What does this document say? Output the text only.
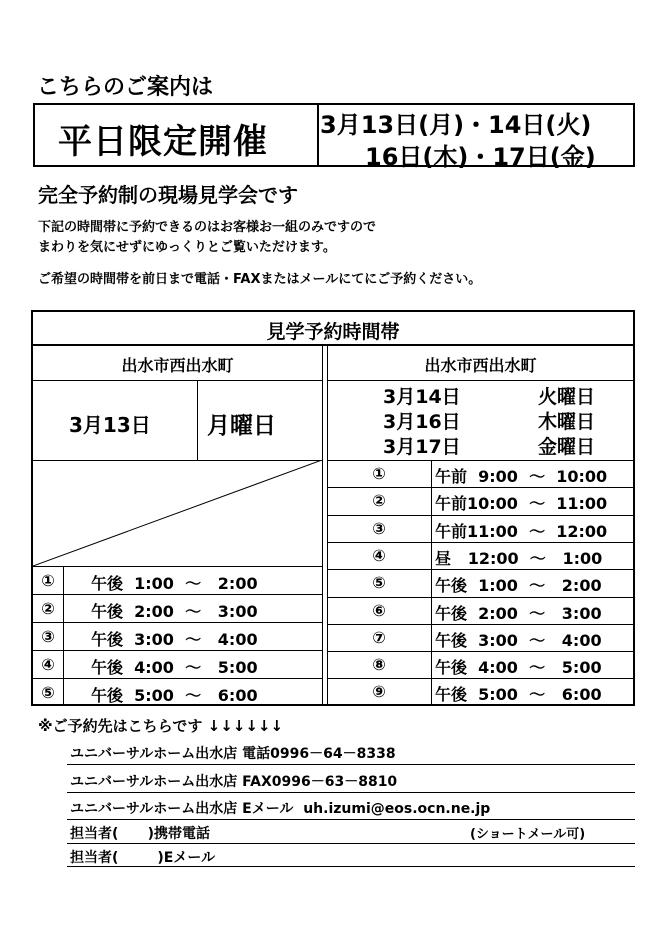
こちらのご案内は
平日限定開催 3月13日(月)・14日(火)
16日(木)・17日(金)
完全予約制の現場見学会です
下記の時間帯に予約できるのはお客様お一組のみですので
まわりを気にせずにゆっくりとご覧いただけます。
ご希望の時間帯を前日まで電話・FAXまたはメールにてにご予約ください。
見学予約時間帯
出水市西出水町
3月13日 月曜日
出水市西出水町
①	午後  1:00  ～   2:00
②	午後  2:00  ～   3:00
③	午後  3:00  ～   4:00
④	午後  4:00  ～   5:00
⑤	午後  5:00  ～   6:00
3月14日	火曜日
3月16日	木曜日
3月17日	金曜日
①	午前  9:00  ～  10:00
②	午前10:00  ～  11:00
③	午前11:00  ～  12:00
④	昼   12:00  ～   1:00
⑤	午後  1:00  ～   2:00
⑥	午後  2:00  ～   3:00
⑦	午後  3:00  ～   4:00
⑧	午後  4:00  ～   5:00
⑨	午後  5:00  ～   6:00
※ご予約先はこちらです ↓↓↓↓↓↓
ユニバーサルホーム出水店 電話0996－64－8338
ユニバーサルホーム出水店 FAX0996－63－8810
ユニバーサルホーム出水店 Eメール  uh.izumi@eos.ocn.ne.jp
担当者(      )携帯電話	(ショートメール可)
担当者(        )Eメール
